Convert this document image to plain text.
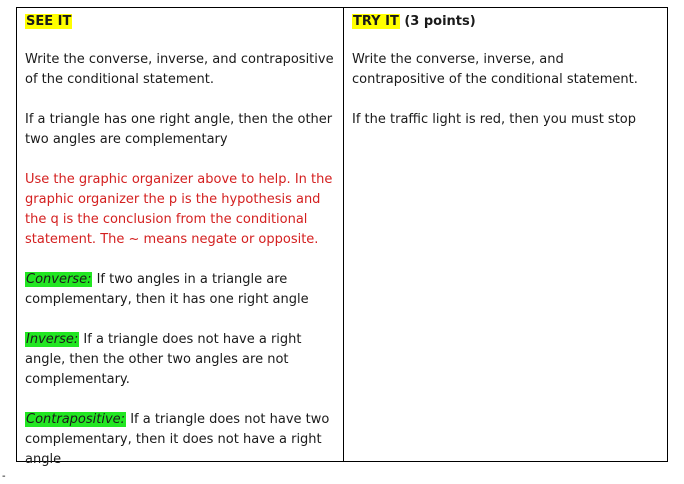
SEE IT

Write the converse, inverse, and contrapositive of the conditional statement.

If a triangle has one right angle, then the other two angles are complementary

Use the graphic organizer above to help. In the graphic organizer the p is the hypothesis and the q is the conclusion from the conditional statement. The ~ means negate or opposite.

Converse: If two angles in a triangle are complementary, then it has one right angle

Inverse: If a triangle does not have a right angle, then the other two angles are not complementary.

Contrapositive: If a triangle does not have two complementary, then it does not have a right angle

TRY IT (3 points)

Write the converse, inverse, and contrapositive of the conditional statement.

If the traffic light is red, then you must stop

-
